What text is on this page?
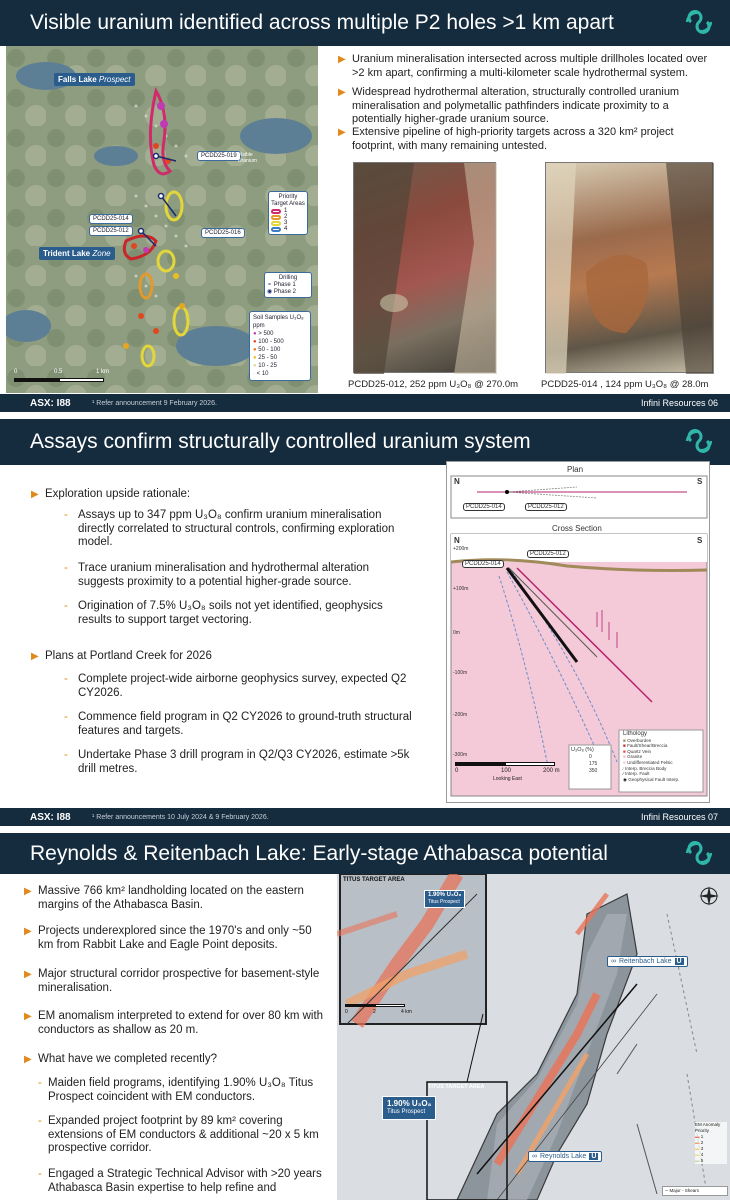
Visible uranium identified across multiple P2 holes >1 km apart
Falls Lake Prospect
Trident Lake Zone
PCDD25-019
PCDD25-014
PCDD25-012	PCDD25-016
Visible Uranium
Priority Target Areas
1
2
3
4
Drilling
⚬ Phase 1
◉ Phase 2
Soil Samples U₃O₈ ppm
● > 500
● 100 - 500
● 50 - 100
● 25 - 50
● 10 - 25
· < 10
0	0.5	1 km
▶ Uranium mineralisation intersected across multiple drillholes located over >2 km apart, confirming a multi-kilometer scale hydrothermal system.
▶ Widespread hydrothermal alteration, structurally controlled uranium mineralisation and polymetallic pathfinders indicate proximity to a potentially higher-grade uranium source.
▶ Extensive pipeline of high-priority targets across a 320 km² project footprint, with many remaining untested.
PCDD25-012, 252 ppm U₃O₈ @ 270.0m PCDD25-014 , 124 ppm U₃O₈ @ 28.0m
ASX: I88	¹ Refer announcement 9 February 2026.	Infini Resources 06
Assays confirm structurally controlled uranium system
▶ Exploration upside rationale:
- Assays up to 347 ppm U₃O₈ confirm uranium mineralisation directly correlated to structural controls, confirming exploration model.
- Trace uranium mineralisation and hydrothermal alteration suggests proximity to a potential higher-grade source.
- Origination of 7.5% U₃O₈ soils not yet identified, geophysics results to support target vectoring.
▶ Plans at Portland Creek for 2026
- Complete project-wide airborne geophysics survey, expected Q2 CY2026.
- Commence field program in Q2 CY2026 to ground-truth structural features and targets.
- Undertake Phase 3 drill program in Q2/Q3 CY2026, estimate >5k drill metres.
Plan
N	S
PCDD25-014	PCDD25-012
Cross Section
N	S
PCDD25-014
PCDD25-012
+200m
+100m
0m
-100m
-200m
-300m
Lithology
■ Overburden
■ Fault/Shear/Breccia
■ Quartz Vein
■ Granite
■ Undifferentiated Felsic
∕ Interp. Breccia Body
∕ Interp. Fault
◉ Geophysical Fault Interp.
U₃O₈ (%)
0
175
350
0	100	200 m
Looking East
ASX: I88	¹ Refer announcements 10 July 2024 & 9 February 2026.	Infini Resources 07
Reynolds & Reitenbach Lake: Early-stage Athabasca potential
▶ Massive 766 km² landholding located on the eastern margins of the Athabasca Basin.
▶ Projects underexplored since the 1970's and only ~50 km from Rabbit Lake and Eagle Point deposits.
▶ Major structural corridor prospective for basement-style mineralisation.
▶ EM anomalism interpreted to extend for over 80 km with conductors as shallow as 20 m.
▶ What have we completed recently?
- Maiden field programs, identifying 1.90% U₃O₈ Titus Prospect coincident with EM conductors.
- Expanded project footprint by 89 km² covering extensions of EM conductors & additional ~20 x 5 km prospective corridor.
- Engaged a Strategic Technical Advisor with >20 years Athabasca Basin expertise to help refine and
TITUS TARGET AREA
1.90% U₃O₈
Titus Prospect
0	2	4 km
TITUS TARGET AREA
1.90% U₃O₈
Titus Prospect
∞ Reitenbach Lake U
∞ Reynolds Lake U
EM Anomaly Priority
▬ 1
▬ 2
▬ 3
▬ 4
▬ 5
─ Major - Shears
